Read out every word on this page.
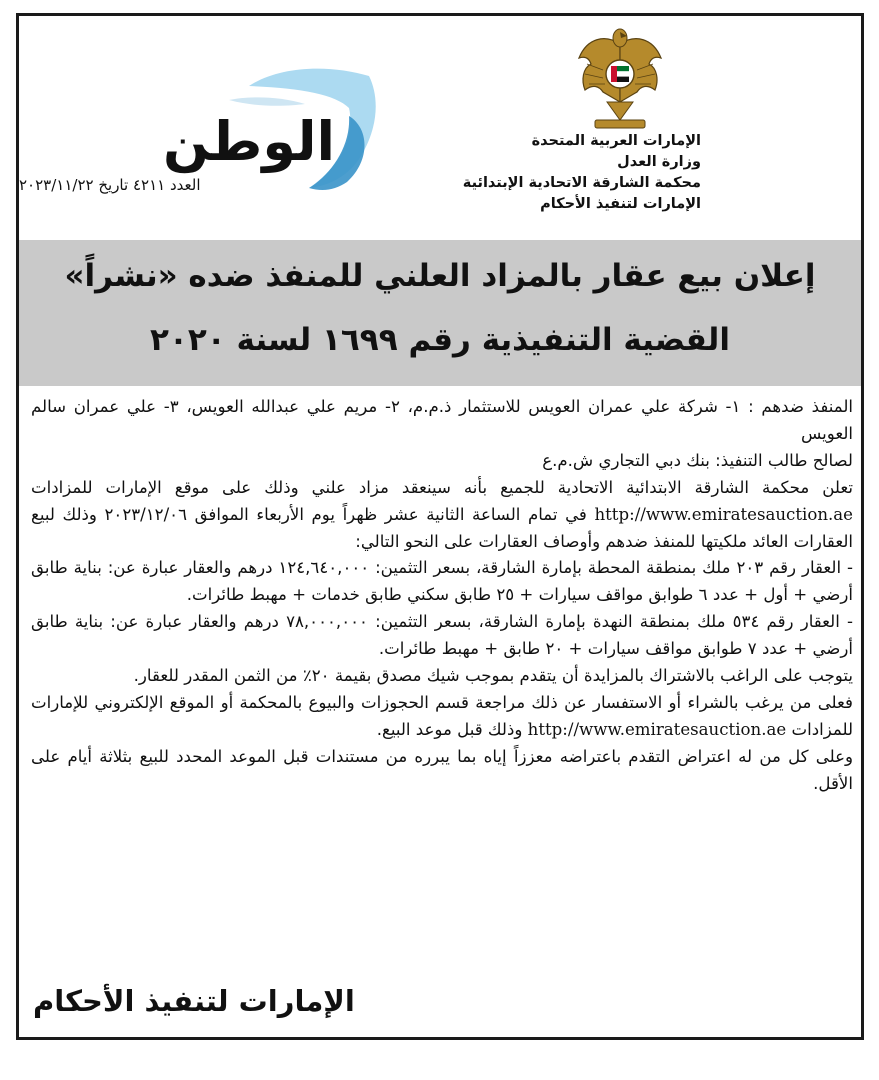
الإمارات العربية المتحدة
وزارة العدل
محكمة الشارقة الاتحادية الإبتدائية
الإمارات لتنفيذ الأحكام
الوطن
العدد ٤٢١١ تاريخ ٢٠٢٣/١١/٢٢
إعلان بيع عقار بالمزاد العلني للمنفذ ضده «نشراً»
القضية التنفيذية رقم ١٦٩٩ لسنة ٢٠٢٠

المنفذ ضدهم : ١- شركة علي عمران العويس للاستثمار ذ.م.م، ٢- مريم علي عبدالله العويس، ٣- علي عمران سالم العويس

لصالح طالب التنفيذ: بنك دبي التجاري ش.م.ع

تعلن محكمة الشارقة الابتدائية الاتحادية للجميع بأنه سينعقد مزاد علني وذلك على موقع الإمارات للمزادات http://www.emiratesauction.ae في تمام الساعة الثانية عشر ظهراً يوم الأربعاء الموافق ٢٠٢٣/١٢/٠٦ وذلك لبيع العقارات العائد ملكيتها للمنفذ ضدهم وأوصاف العقارات على النحو التالي:

- العقار رقم ٢٠٣ ملك بمنطقة المحطة بإمارة الشارقة، بسعر التثمين: ١٢٤,٦٤٠,٠٠٠ درهم والعقار عبارة عن: بناية طابق أرضي + أول + عدد ٦ طوابق مواقف سيارات + ٢٥ طابق سكني طابق خدمات + مهبط طائرات.

- العقار رقم ٥٣٤ ملك بمنطقة النهدة بإمارة الشارقة، بسعر التثمين: ٧٨,٠٠٠,٠٠٠ درهم والعقار عبارة عن: بناية طابق أرضي + عدد ٧ طوابق مواقف سيارات + ٢٠ طابق + مهبط طائرات.

يتوجب على الراغب بالاشتراك بالمزايدة أن يتقدم بموجب شيك مصدق بقيمة ٢٠٪ من الثمن المقدر للعقار.

فعلى من يرغب بالشراء أو الاستفسار عن ذلك مراجعة قسم الحجوزات والبيوع بالمحكمة أو الموقع الإلكتروني للإمارات للمزادات http://www.emiratesauction.ae وذلك قبل موعد البيع.

وعلى كل من له اعتراض التقدم باعتراضه معززاً إياه بما يبرره من مستندات قبل الموعد المحدد للبيع بثلاثة أيام على الأقل.

الإمارات لتنفيذ الأحكام
